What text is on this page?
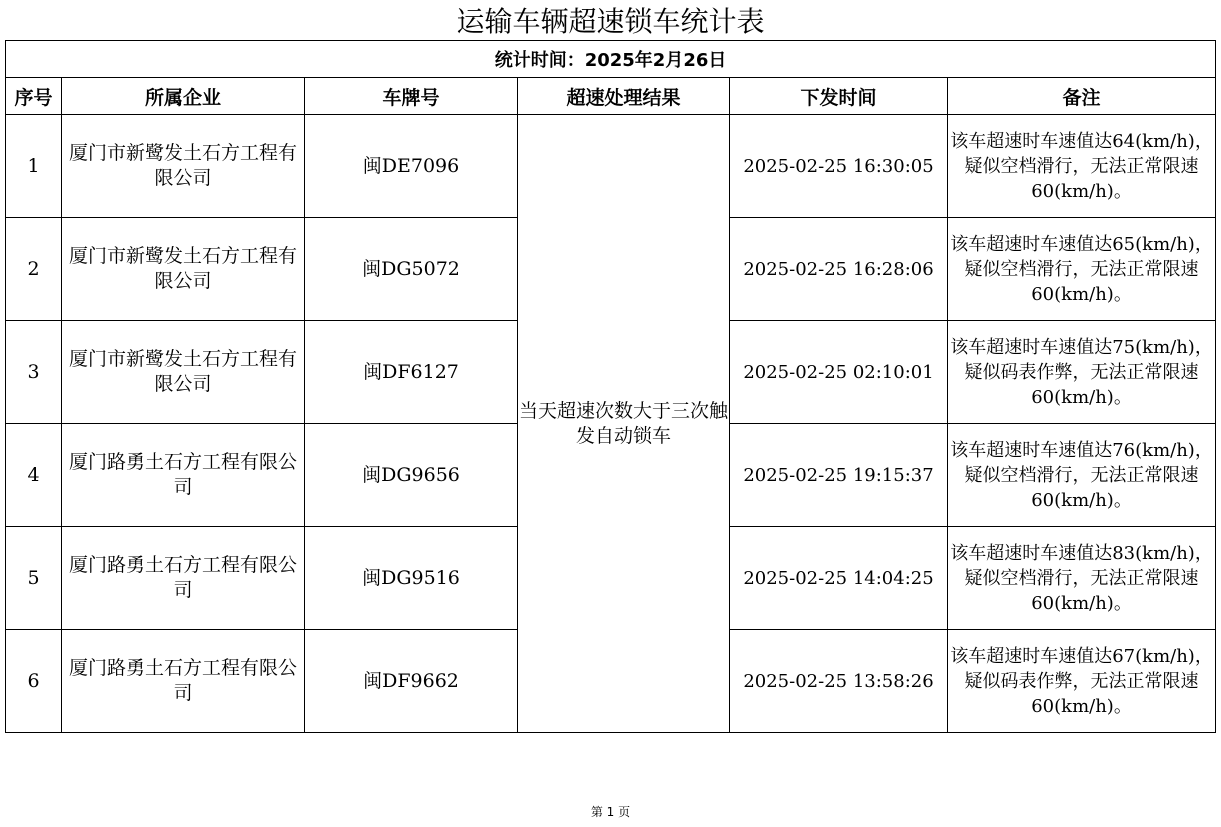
运输车辆超速锁车统计表
统计时间：2025年2月26日					
序号	所属企业	车牌号	超速处理结果	下发时间	备注
1	厦门市新鹭发土石方工程有限公司	闽DE7096	当天超速次数大于三次触发自动锁车	2025-02-25 16:30:05	该车超速时车速值达64(km/h)，疑似空档滑行，无法正常限速60(km/h)。
2	厦门市新鹭发土石方工程有限公司	闽DG5072		2025-02-25 16:28:06	该车超速时车速值达65(km/h)，疑似空档滑行，无法正常限速60(km/h)。
3	厦门市新鹭发土石方工程有限公司	闽DF6127		2025-02-25 02:10:01	该车超速时车速值达75(km/h)，疑似码表作弊，无法正常限速60(km/h)。
4	厦门路勇土石方工程有限公司	闽DG9656		2025-02-25 19:15:37	该车超速时车速值达76(km/h)，疑似空档滑行，无法正常限速60(km/h)。
5	厦门路勇土石方工程有限公司	闽DG9516		2025-02-25 14:04:25	该车超速时车速值达83(km/h)，疑似空档滑行，无法正常限速60(km/h)。
6	厦门路勇土石方工程有限公司	闽DF9662		2025-02-25 13:58:26	该车超速时车速值达67(km/h)，疑似码表作弊，无法正常限速60(km/h)。
第 1 页
